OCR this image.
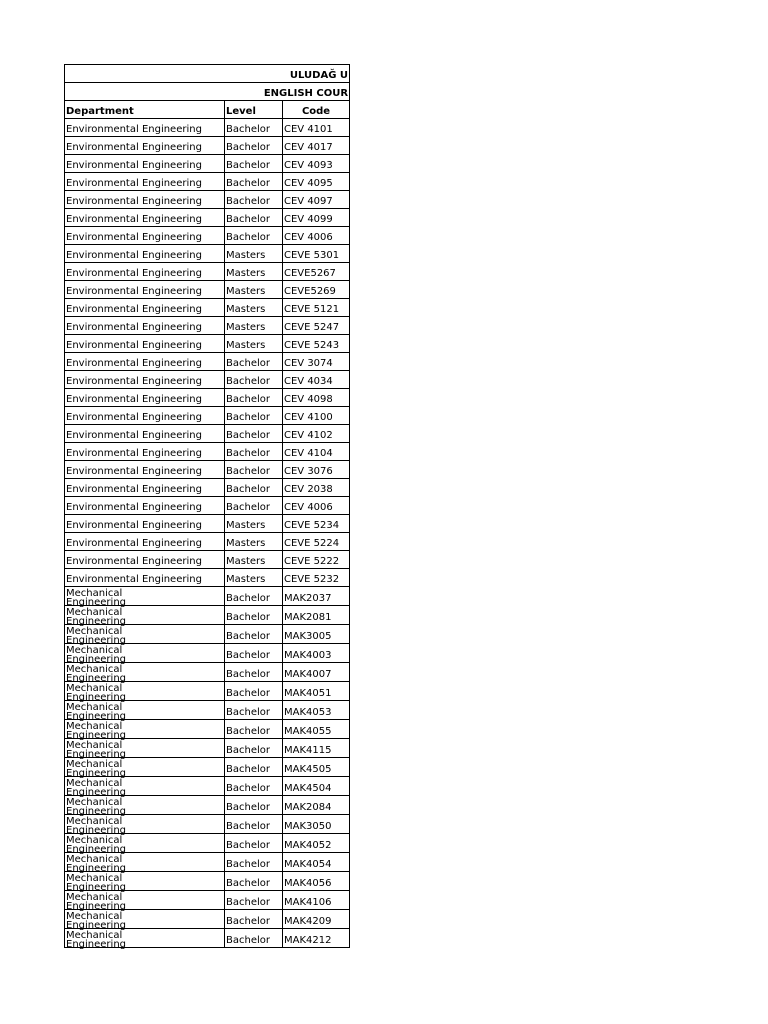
ULUDAĞ U		
ENGLISH COUR		
Department	Level	Code
Environmental Engineering	Bachelor	CEV 4101
Environmental Engineering	Bachelor	CEV 4017
Environmental Engineering	Bachelor	CEV 4093
Environmental Engineering	Bachelor	CEV 4095
Environmental Engineering	Bachelor	CEV 4097
Environmental Engineering	Bachelor	CEV 4099
Environmental Engineering	Bachelor	CEV 4006
Environmental Engineering	Masters	CEVE 5301
Environmental Engineering	Masters	CEVE5267
Environmental Engineering	Masters	CEVE5269
Environmental Engineering	Masters	CEVE 5121
Environmental Engineering	Masters	CEVE 5247
Environmental Engineering	Masters	CEVE 5243
Environmental Engineering	Bachelor	CEV 3074
Environmental Engineering	Bachelor	CEV 4034
Environmental Engineering	Bachelor	CEV 4098
Environmental Engineering	Bachelor	CEV 4100
Environmental Engineering	Bachelor	CEV 4102
Environmental Engineering	Bachelor	CEV 4104
Environmental Engineering	Bachelor	CEV 3076
Environmental Engineering	Bachelor	CEV 2038
Environmental Engineering	Bachelor	CEV 4006
Environmental Engineering	Masters	CEVE 5234
Environmental Engineering	Masters	CEVE 5224
Environmental Engineering	Masters	CEVE 5222
Environmental Engineering	Masters	CEVE 5232

Mechanical Engineering	Bachelor	MAK2037

Mechanical Engineering	Bachelor	MAK2081

Mechanical Engineering	Bachelor	MAK3005

Mechanical Engineering	Bachelor	MAK4003

Mechanical Engineering	Bachelor	MAK4007

Mechanical Engineering	Bachelor	MAK4051

Mechanical Engineering	Bachelor	MAK4053

Mechanical Engineering	Bachelor	MAK4055

Mechanical Engineering	Bachelor	MAK4115

Mechanical Engineering	Bachelor	MAK4505

Mechanical Engineering	Bachelor	MAK4504

Mechanical Engineering	Bachelor	MAK2084

Mechanical Engineering	Bachelor	MAK3050

Mechanical Engineering	Bachelor	MAK4052

Mechanical Engineering	Bachelor	MAK4054

Mechanical Engineering	Bachelor	MAK4056

Mechanical Engineering	Bachelor	MAK4106

Mechanical Engineering	Bachelor	MAK4209

Mechanical Engineering	Bachelor	MAK4212
